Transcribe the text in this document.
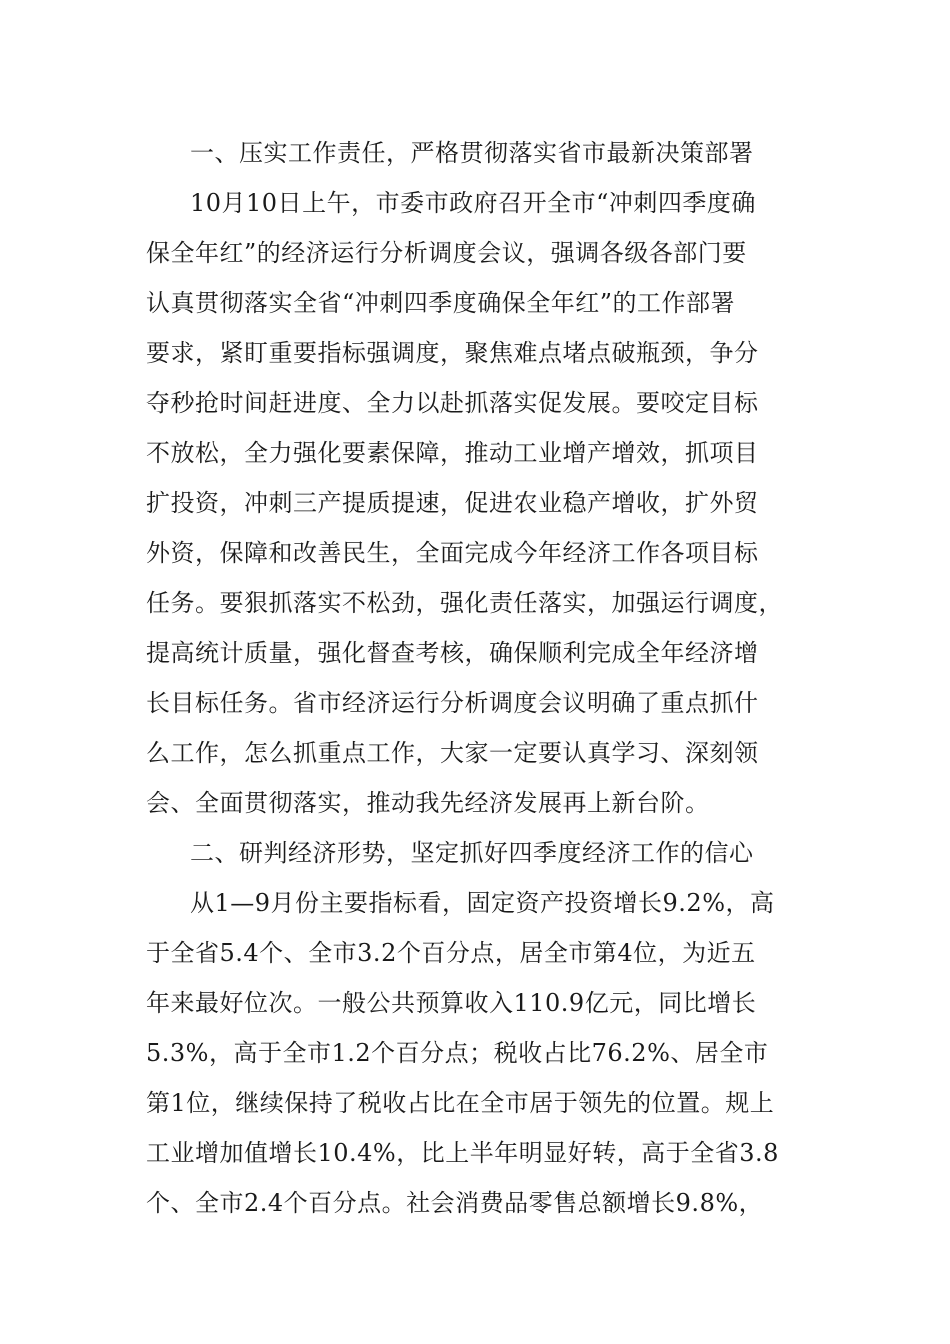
一、压实工作责任，严格贯彻落实省市最新决策部署
10月10日上午，市委市政府召开全市“冲刺四季度确
保全年红”的经济运行分析调度会议，强调各级各部门要
认真贯彻落实全省“冲刺四季度确保全年红”的工作部署
要求，紧盯重要指标强调度，聚焦难点堵点破瓶颈，争分
夺秒抢时间赶进度、全力以赴抓落实促发展。要咬定目标
不放松，全力强化要素保障，推动工业增产增效，抓项目
扩投资，冲刺三产提质提速，促进农业稳产增收，扩外贸
外资，保障和改善民生，全面完成今年经济工作各项目标
任务。要狠抓落实不松劲，强化责任落实，加强运行调度，
提高统计质量，强化督查考核，确保顺利完成全年经济增
长目标任务。省市经济运行分析调度会议明确了重点抓什
么工作，怎么抓重点工作，大家一定要认真学习、深刻领
会、全面贯彻落实，推动我先经济发展再上新台阶。
二、研判经济形势，坚定抓好四季度经济工作的信心
从1—9月份主要指标看，固定资产投资增长9.2%，高
于全省5.4个、全市3.2个百分点，居全市第4位，为近五
年来最好位次。一般公共预算收入110.9亿元，同比增长
5.3%，高于全市1.2个百分点；税收占比76.2%、居全市
第1位，继续保持了税收占比在全市居于领先的位置。规上
工业增加值增长10.4%，比上半年明显好转，高于全省3.8
个、全市2.4个百分点。社会消费品零售总额增长9.8%，
